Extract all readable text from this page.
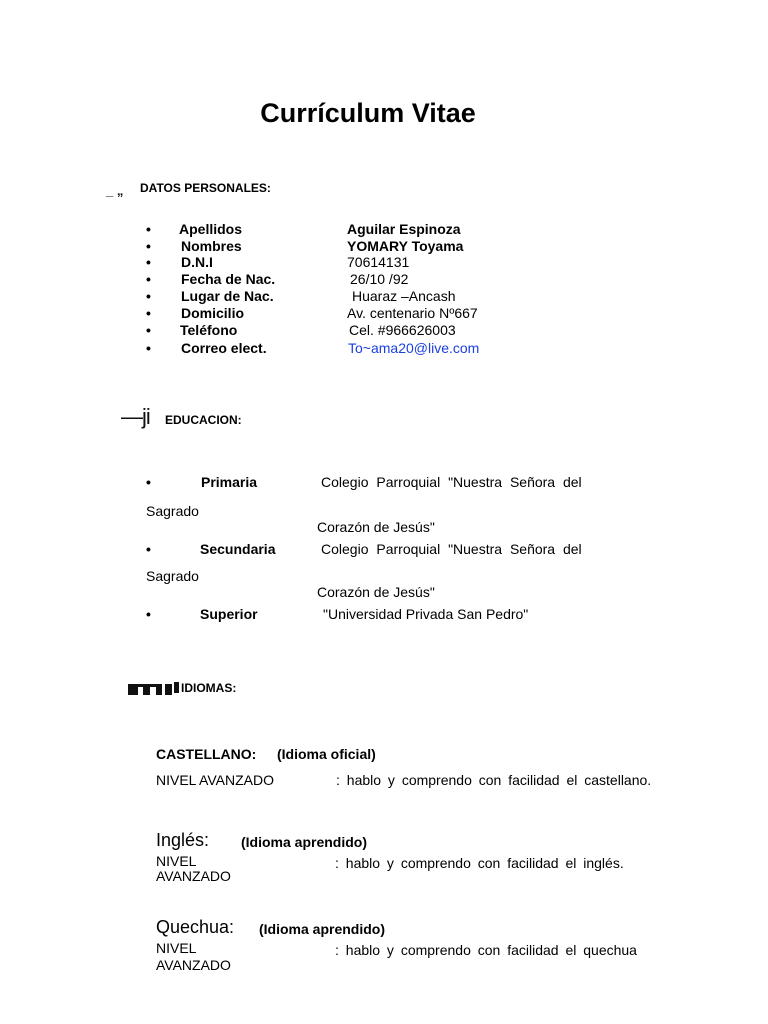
Currículum Vitae
_ „ DATOS PERSONALES:
• Apellidos	Aguilar Espinoza
• Nombres	YOMARY Toyama
• D.N.I	70614131
• Fecha de Nac.	26/10 /92
• Lugar de Nac.	Huaraz –Ancash
• Domicilio	Av. centenario Nº667
• Teléfono	Cel. #966626003
• Correo elect.	To~ama20@live.com
—ji EDUCACION:
•	Primaria	Colegio Parroquial "Nuestra Señora del
Sagrado
Corazón de Jesús"
•	Secundaria	Colegio Parroquial "Nuestra Señora del
Sagrado
Corazón de Jesús"
•	Superior	"Universidad Privada San Pedro"
IDIOMAS:
CASTELLANO: (Idioma oficial)
NIVEL AVANZADO	: hablo y comprendo con facilidad el castellano.
Inglés: (Idioma aprendido)
NIVEL
AVANZADO
: hablo y comprendo con facilidad el inglés.
Quechua: (Idioma aprendido)
NIVEL
AVANZADO
: hablo y comprendo con facilidad el quechua
